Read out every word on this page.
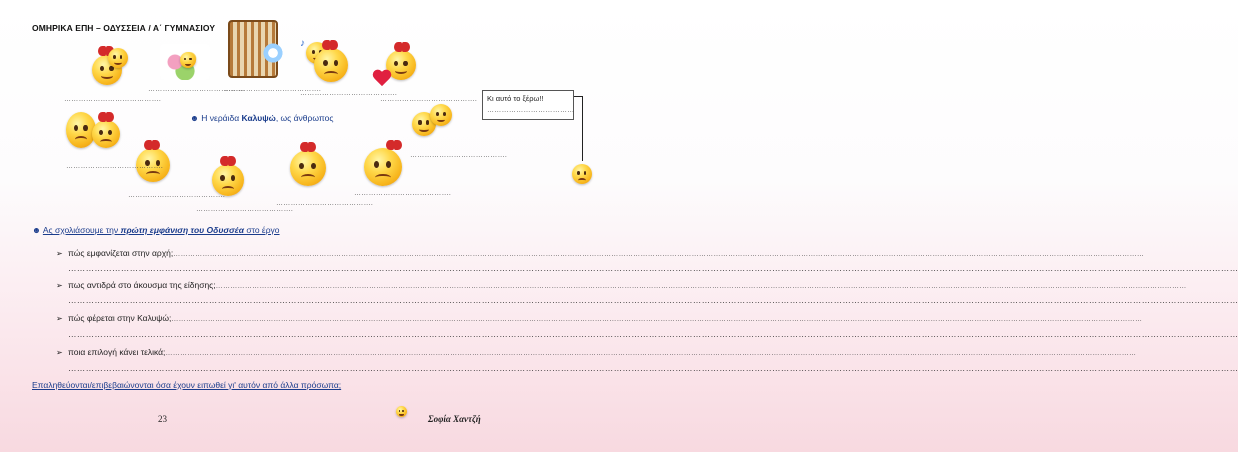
ΟΜΗΡΙΚΑ ΕΠΗ – ΟΔΥΣΣΕΙΑ / Α΄ ΓΥΜΝΑΣΙΟΥ
♪
………………………………….
………………………………….
………………………………….
………………………………….
…………………………………. Κι αυτό το ξέρω!!
………………………………
☻ Η νεράιδα Καλυψώ, ως άνθρωπος
………………………………….
………………………………….
………………………………….	………………………………….
………………………………….
………………………………….
☻ Ας σχολιάσουμε την πρώτη εμφάνιση του Οδυσσέα στο έργο
➢ πώς εμφανίζεται στην αρχή;…………………………………………………………………………………………………………………………………………………………………………………………………………………………………………………………………………………………………………………………………………………………………
…………………………………………………………………………………………………………………………………………………………………………………………………………………………………………………………………………………………………………………………………………………………………
➢ πως αντιδρά στο άκουσμα της είδησης;…………………………………………………………………………………………………………………………………………………………………………………………………………………………………………………………………………………………………………………………………………………………………
…………………………………………………………………………………………………………………………………………………………………………………………………………………………………………………………………………………………………………………………………………………………………
➢ πώς φέρεται στην Καλυψώ;…………………………………………………………………………………………………………………………………………………………………………………………………………………………………………………………………………………………………………………………………………………………………
…………………………………………………………………………………………………………………………………………………………………………………………………………………………………………………………………………………………………………………………………………………………………
➢ ποια επιλογή κάνει τελικά;…………………………………………………………………………………………………………………………………………………………………………………………………………………………………………………………………………………………………………………………………………………………………
…………………………………………………………………………………………………………………………………………………………………………………………………………………………………………………………………………………………………………………………………………………………………
Επαληθεύονται/επιβεβαιώνονται όσα έχουν ειπωθεί γι' αυτόν από άλλα πρόσωπα;
23	Σοφία Χαντζή
